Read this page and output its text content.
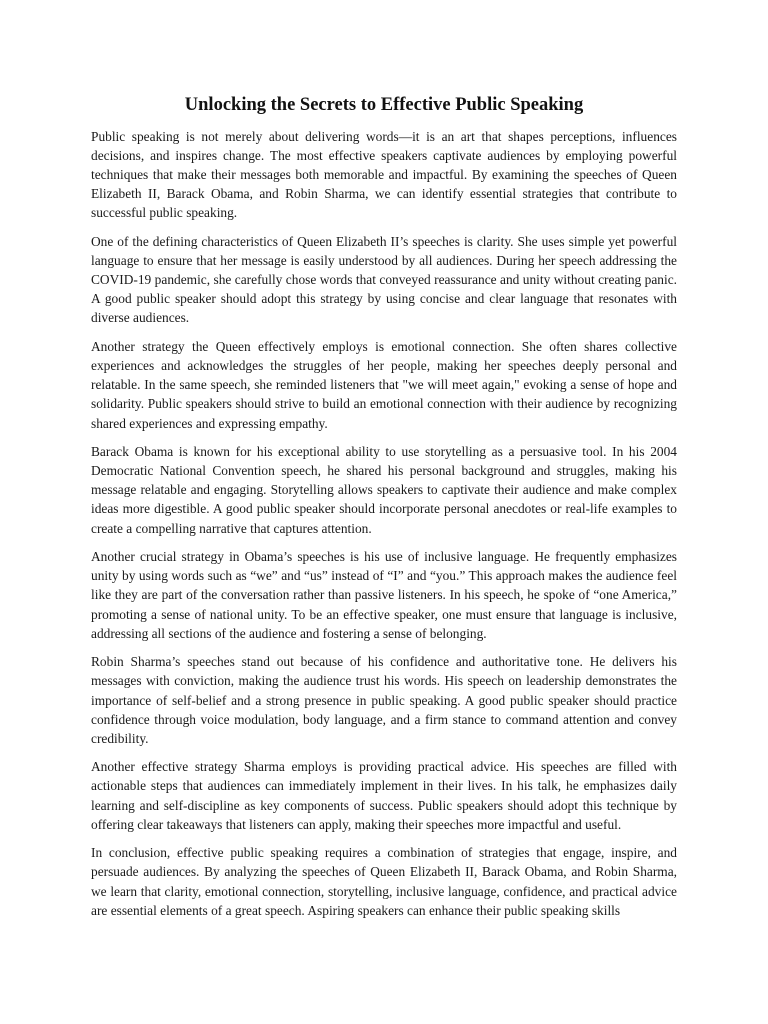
Unlocking the Secrets to Effective Public Speaking

Public speaking is not merely about delivering words—it is an art that shapes perceptions, influences decisions, and inspires change. The most effective speakers captivate audiences by employing powerful techniques that make their messages both memorable and impactful. By examining the speeches of Queen Elizabeth II, Barack Obama, and Robin Sharma, we can identify essential strategies that contribute to successful public speaking.

One of the defining characteristics of Queen Elizabeth II’s speeches is clarity. She uses simple yet powerful language to ensure that her message is easily understood by all audiences. During her speech addressing the COVID-19 pandemic, she carefully chose words that conveyed reassurance and unity without creating panic. A good public speaker should adopt this strategy by using concise and clear language that resonates with diverse audiences.

Another strategy the Queen effectively employs is emotional connection. She often shares collective experiences and acknowledges the struggles of her people, making her speeches deeply personal and relatable. In the same speech, she reminded listeners that "we will meet again," evoking a sense of hope and solidarity. Public speakers should strive to build an emotional connection with their audience by recognizing shared experiences and expressing empathy.

Barack Obama is known for his exceptional ability to use storytelling as a persuasive tool. In his 2004 Democratic National Convention speech, he shared his personal background and struggles, making his message relatable and engaging. Storytelling allows speakers to captivate their audience and make complex ideas more digestible. A good public speaker should incorporate personal anecdotes or real-life examples to create a compelling narrative that captures attention.

Another crucial strategy in Obama’s speeches is his use of inclusive language. He frequently emphasizes unity by using words such as “we” and “us” instead of “I” and “you.” This approach makes the audience feel like they are part of the conversation rather than passive listeners. In his speech, he spoke of “one America,” promoting a sense of national unity. To be an effective speaker, one must ensure that language is inclusive, addressing all sections of the audience and fostering a sense of belonging.

Robin Sharma’s speeches stand out because of his confidence and authoritative tone. He delivers his messages with conviction, making the audience trust his words. His speech on leadership demonstrates the importance of self-belief and a strong presence in public speaking. A good public speaker should practice confidence through voice modulation, body language, and a firm stance to command attention and convey credibility.

Another effective strategy Sharma employs is providing practical advice. His speeches are filled with actionable steps that audiences can immediately implement in their lives. In his talk, he emphasizes daily learning and self-discipline as key components of success. Public speakers should adopt this technique by offering clear takeaways that listeners can apply, making their speeches more impactful and useful.

In conclusion, effective public speaking requires a combination of strategies that engage, inspire, and persuade audiences. By analyzing the speeches of Queen Elizabeth II, Barack Obama, and Robin Sharma, we learn that clarity, emotional connection, storytelling, inclusive language, confidence, and practical advice are essential elements of a great speech. Aspiring speakers can enhance their public speaking skills
